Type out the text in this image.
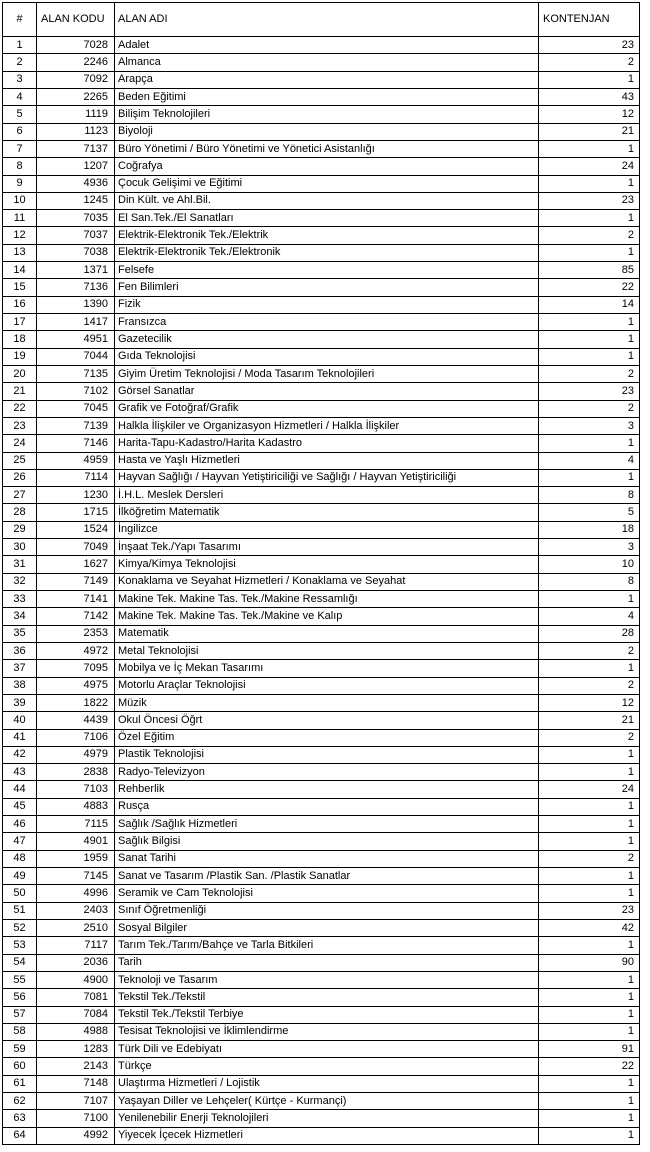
#	ALAN KODU	ALAN ADI	KONTENJAN
1	7028	Adalet	23
2	2246	Almanca	2
3	7092	Arapça	1
4	2265	Beden Eğitimi	43
5	1119	Bilişim Teknolojileri	12
6	1123	Biyoloji	21
7	7137	Büro Yönetimi / Büro Yönetimi ve Yönetici Asistanlığı	1
8	1207	Coğrafya	24
9	4936	Çocuk Gelişimi ve Eğitimi	1
10	1245	Din Kült. ve Ahl.Bil.	23
11	7035	El San.Tek./El Sanatları	1
12	7037	Elektrik-Elektronik Tek./Elektrik	2
13	7038	Elektrik-Elektronik Tek./Elektronik	1
14	1371	Felsefe	85
15	7136	Fen Bilimleri	22
16	1390	Fizik	14
17	1417	Fransızca	1
18	4951	Gazetecilik	1
19	7044	Gıda Teknolojisi	1
20	7135	Giyim Üretim Teknolojisi / Moda Tasarım Teknolojileri	2
21	7102	Görsel Sanatlar	23
22	7045	Grafik ve Fotoğraf/Grafik	2
23	7139	Halkla İlişkiler ve Organizasyon Hizmetleri / Halkla İlişkiler	3
24	7146	Harita-Tapu-Kadastro/Harita Kadastro	1
25	4959	Hasta ve Yaşlı Hizmetleri	4
26	7114	Hayvan Sağlığı / Hayvan Yetiştiriciliği ve Sağlığı / Hayvan Yetiştiriciliği	1
27	1230	İ.H.L. Meslek Dersleri	8
28	1715	İlköğretim Matematik	5
29	1524	İngilizce	18
30	7049	İnşaat Tek./Yapı Tasarımı	3
31	1627	Kimya/Kimya Teknolojisi	10
32	7149	Konaklama ve Seyahat Hizmetleri / Konaklama ve Seyahat	8
33	7141	Makine Tek. Makine Tas. Tek./Makine Ressamlığı	1
34	7142	Makine Tek. Makine Tas. Tek./Makine ve Kalıp	4
35	2353	Matematik	28
36	4972	Metal Teknolojisi	2
37	7095	Mobilya ve İç Mekan Tasarımı	1
38	4975	Motorlu Araçlar Teknolojisi	2
39	1822	Müzik	12
40	4439	Okul Öncesi Öğrt	21
41	7106	Özel Eğitim	2
42	4979	Plastik Teknolojisi	1
43	2838	Radyo-Televizyon	1
44	7103	Rehberlik	24
45	4883	Rusça	1
46	7115	Sağlık /Sağlık Hizmetleri	1
47	4901	Sağlık Bilgisi	1
48	1959	Sanat Tarihi	2
49	7145	Sanat ve Tasarım /Plastik San. /Plastik Sanatlar	1
50	4996	Seramik ve Cam Teknolojisi	1
51	2403	Sınıf Öğretmenliği	23
52	2510	Sosyal Bilgiler	42
53	7117	Tarım Tek./Tarım/Bahçe ve Tarla Bitkileri	1
54	2036	Tarih	90
55	4900	Teknoloji ve Tasarım	1
56	7081	Tekstil Tek./Tekstil	1
57	7084	Tekstil Tek./Tekstil Terbiye	1
58	4988	Tesisat Teknolojisi ve İklimlendirme	1
59	1283	Türk Dili ve Edebiyatı	91
60	2143	Türkçe	22
61	7148	Ulaştırma Hizmetleri / Lojistik	1
62	7107	Yaşayan Diller ve Lehçeler( Kürtçe - Kurmançi)	1
63	7100	Yenilenebilir Enerji Teknolojileri	1
64	4992	Yiyecek İçecek Hizmetleri	1
